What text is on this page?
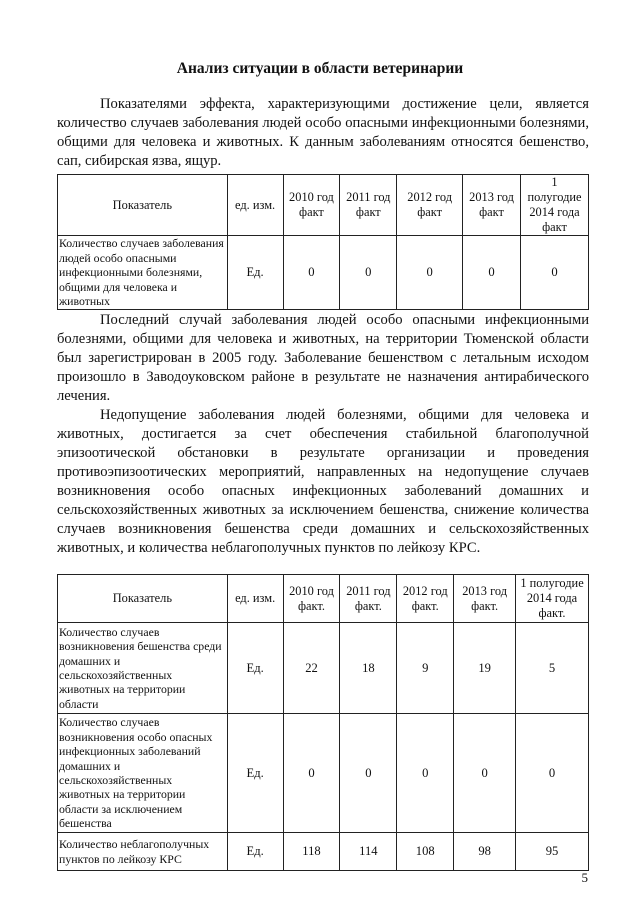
Анализ ситуации в области ветеринарии

Показателями эффекта, характеризующими достижение цели, является количество случаев заболевания людей особо опасными инфекционными болезнями, общими для человека и животных. К данным заболеваниям относятся бешенство, сап, сибирская язва, ящур.

Показатель	ед. изм.	2010 год факт	2011 год факт	2012 год факт	2013 год факт	1 полугодие 2014 года факт
Количество случаев заболевания людей особо опасными инфекционными болезнями, общими для человека и животных	Ед.	0	0	0	0	0

Последний случай заболевания людей особо опасными инфекционными болезнями, общими для человека и животных, на территории Тюменской области был зарегистрирован в 2005 году. Заболевание бешенством с летальным исходом произошло в Заводоуковском районе в результате не назначения антирабического лечения.

Недопущение заболевания людей болезнями, общими для человека и животных, достигается за счет обеспечения стабильной благополучной эпизоотической обстановки в результате организации и проведения противоэпизоотических мероприятий, направленных на недопущение случаев возникновения особо опасных инфекционных заболеваний домашних и сельскохозяйственных животных за исключением бешенства, снижение количества случаев возникновения бешенства среди домашних и сельскохозяйственных животных, и количества неблагополучных пунктов по лейкозу КРС.

Показатель	ед. изм.	2010 год факт.	2011 год факт.	2012 год факт.	2013 год факт.	1 полугодие 2014 года факт.
Количество случаев возникновения бешенства среди домашних и сельскохозяйственных животных на территории области	Ед.	22	18	9	19	5
Количество случаев возникновения особо опасных инфекционных заболеваний домашних и сельскохозяйственных животных на территории области за исключением бешенства	Ед.	0	0	0	0	0
Количество неблагополучных пунктов по лейкозу КРС	Ед.	118	114	108	98	95
5
